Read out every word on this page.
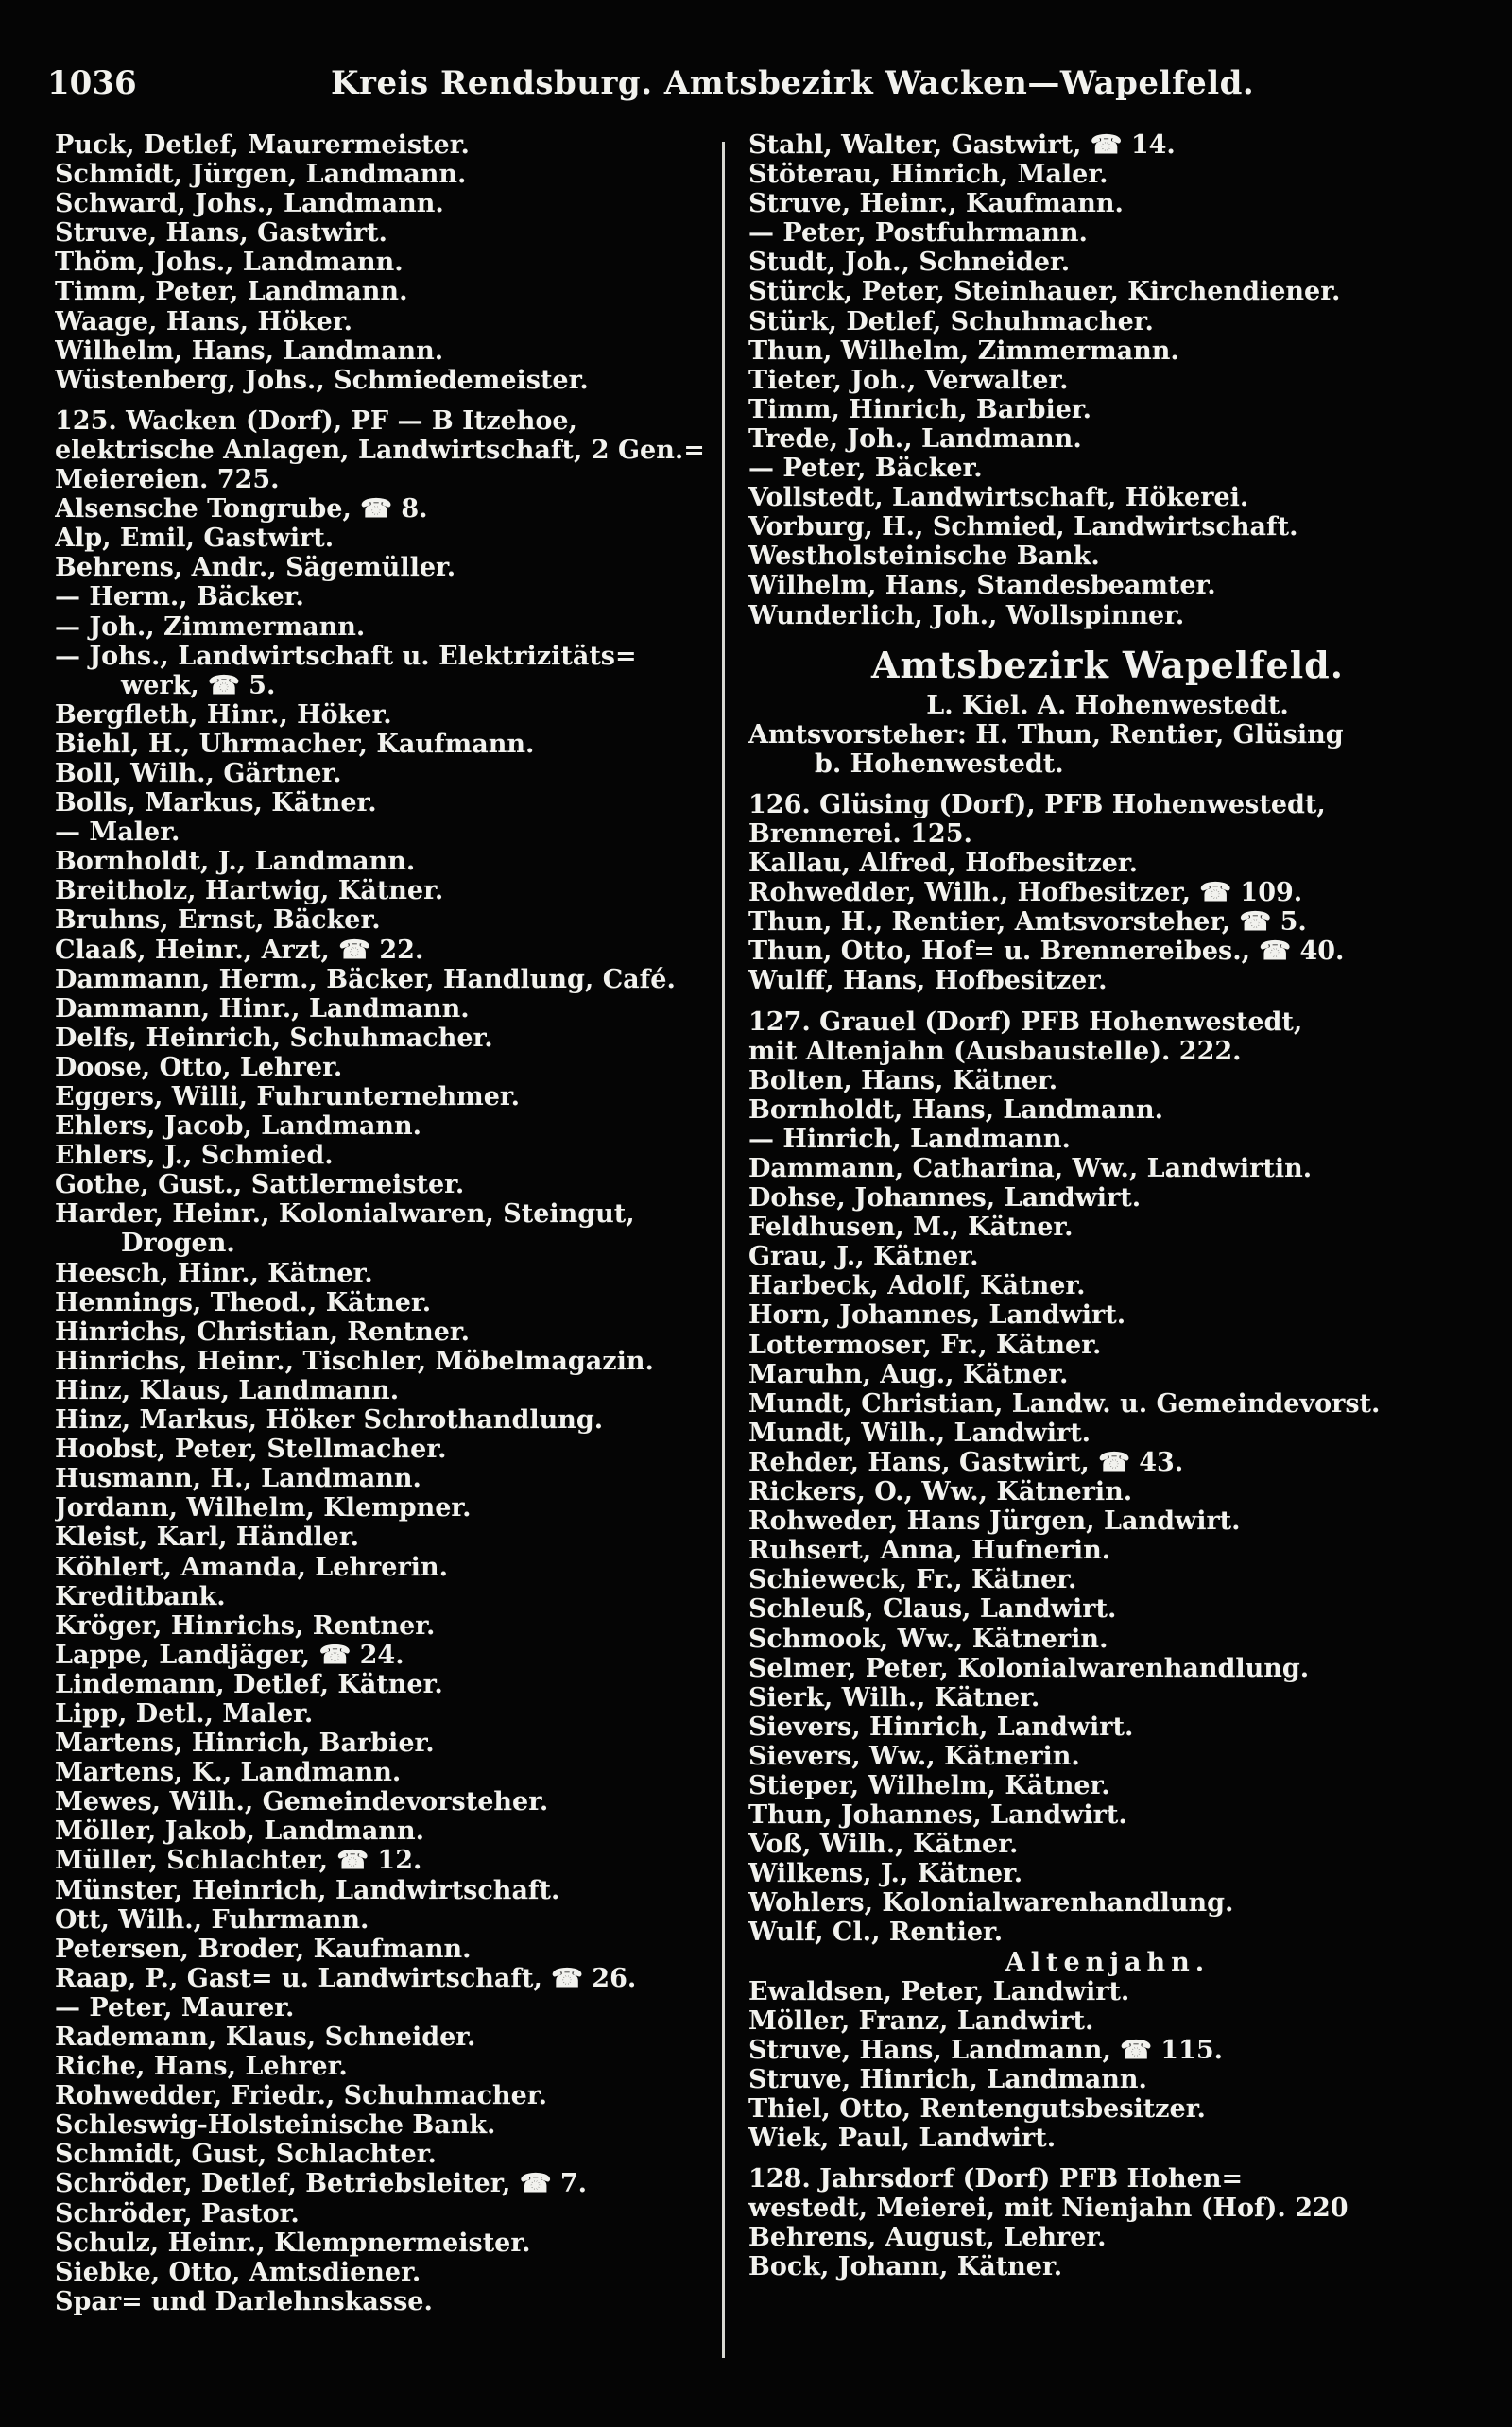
1036	Kreis Rendsburg. Amtsbezirk Wacken—Wapelfeld.
Puck, Detlef, Maurermeister.
Schmidt, Jürgen, Landmann.
Schward, Johs., Landmann.
Struve, Hans, Gastwirt.
Thöm, Johs., Landmann.
Timm, Peter, Landmann.
Waage, Hans, Höker.
Wilhelm, Hans, Landmann.
Wüstenberg, Johs., Schmiedemeister.
125. Wacken (Dorf), PF — B Itzehoe,
elektrische Anlagen, Landwirtschaft, 2 Gen.=
Meiereien. 725.
Alsensche Tongrube, ☎ 8.
Alp, Emil, Gastwirt.
Behrens, Andr., Sägemüller.
— Herm., Bäcker.
— Joh., Zimmermann.
— Johs., Landwirtschaft u. Elektrizitäts=
werk, ☎ 5.
Bergfleth, Hinr., Höker.
Biehl, H., Uhrmacher, Kaufmann.
Boll, Wilh., Gärtner.
Bolls, Markus, Kätner.
— Maler.
Bornholdt, J., Landmann.
Breitholz, Hartwig, Kätner.
Bruhns, Ernst, Bäcker.
Claaß, Heinr., Arzt, ☎ 22.
Dammann, Herm., Bäcker, Handlung, Café.
Dammann, Hinr., Landmann.
Delfs, Heinrich, Schuhmacher.
Doose, Otto, Lehrer.
Eggers, Willi, Fuhrunternehmer.
Ehlers, Jacob, Landmann.
Ehlers, J., Schmied.
Gothe, Gust., Sattlermeister.
Harder, Heinr., Kolonialwaren, Steingut,
Drogen.
Heesch, Hinr., Kätner.
Hennings, Theod., Kätner.
Hinrichs, Christian, Rentner.
Hinrichs, Heinr., Tischler, Möbelmagazin.
Hinz, Klaus, Landmann.
Hinz, Markus, Höker Schrothandlung.
Hoobst, Peter, Stellmacher.
Husmann, H., Landmann.
Jordann, Wilhelm, Klempner.
Kleist, Karl, Händler.
Köhlert, Amanda, Lehrerin.
Kreditbank.
Kröger, Hinrichs, Rentner.
Lappe, Landjäger, ☎ 24.
Lindemann, Detlef, Kätner.
Lipp, Detl., Maler.
Martens, Hinrich, Barbier.
Martens, K., Landmann.
Mewes, Wilh., Gemeindevorsteher.
Möller, Jakob, Landmann.
Müller, Schlachter, ☎ 12.
Münster, Heinrich, Landwirtschaft.
Ott, Wilh., Fuhrmann.
Petersen, Broder, Kaufmann.
Raap, P., Gast= u. Landwirtschaft, ☎ 26.
— Peter, Maurer.
Rademann, Klaus, Schneider.
Riche, Hans, Lehrer.
Rohwedder, Friedr., Schuhmacher.
Schleswig-Holsteinische Bank.
Schmidt, Gust, Schlachter.
Schröder, Detlef, Betriebsleiter, ☎ 7.
Schröder, Pastor.
Schulz, Heinr., Klempnermeister.
Siebke, Otto, Amtsdiener.
Spar= und Darlehnskasse.
Stahl, Walter, Gastwirt, ☎ 14.
Stöterau, Hinrich, Maler.
Struve, Heinr., Kaufmann.
— Peter, Postfuhrmann.
Studt, Joh., Schneider.
Stürck, Peter, Steinhauer, Kirchendiener.
Stürk, Detlef, Schuhmacher.
Thun, Wilhelm, Zimmermann.
Tieter, Joh., Verwalter.
Timm, Hinrich, Barbier.
Trede, Joh., Landmann.
— Peter, Bäcker.
Vollstedt, Landwirtschaft, Hökerei.
Vorburg, H., Schmied, Landwirtschaft.
Westholsteinische Bank.
Wilhelm, Hans, Standesbeamter.
Wunderlich, Joh., Wollspinner.
Amtsbezirk Wapelfeld.
L. Kiel. A. Hohenwestedt.
Amtsvorsteher: H. Thun, Rentier, Glüsing
b. Hohenwestedt.
126. Glüsing (Dorf), PFB Hohenwestedt,
Brennerei. 125.
Kallau, Alfred, Hofbesitzer.
Rohwedder, Wilh., Hofbesitzer, ☎ 109.
Thun, H., Rentier, Amtsvorsteher, ☎ 5.
Thun, Otto, Hof= u. Brennereibes., ☎ 40.
Wulff, Hans, Hofbesitzer.
127. Grauel (Dorf) PFB Hohenwestedt,
mit Altenjahn (Ausbaustelle). 222.
Bolten, Hans, Kätner.
Bornholdt, Hans, Landmann.
— Hinrich, Landmann.
Dammann, Catharina, Ww., Landwirtin.
Dohse, Johannes, Landwirt.
Feldhusen, M., Kätner.
Grau, J., Kätner.
Harbeck, Adolf, Kätner.
Horn, Johannes, Landwirt.
Lottermoser, Fr., Kätner.
Maruhn, Aug., Kätner.
Mundt, Christian, Landw. u. Gemeindevorst.
Mundt, Wilh., Landwirt.
Rehder, Hans, Gastwirt, ☎ 43.
Rickers, O., Ww., Kätnerin.
Rohweder, Hans Jürgen, Landwirt.
Ruhsert, Anna, Hufnerin.
Schieweck, Fr., Kätner.
Schleuß, Claus, Landwirt.
Schmook, Ww., Kätnerin.
Selmer, Peter, Kolonialwarenhandlung.
Sierk, Wilh., Kätner.
Sievers, Hinrich, Landwirt.
Sievers, Ww., Kätnerin.
Stieper, Wilhelm, Kätner.
Thun, Johannes, Landwirt.
Voß, Wilh., Kätner.
Wilkens, J., Kätner.
Wohlers, Kolonialwarenhandlung.
Wulf, Cl., Rentier.
Altenjahn.
Ewaldsen, Peter, Landwirt.
Möller, Franz, Landwirt.
Struve, Hans, Landmann, ☎ 115.
Struve, Hinrich, Landmann.
Thiel, Otto, Rentengutsbesitzer.
Wiek, Paul, Landwirt.
128. Jahrsdorf (Dorf) PFB Hohen=
westedt, Meierei, mit Nienjahn (Hof). 220
Behrens, August, Lehrer.
Bock, Johann, Kätner.
